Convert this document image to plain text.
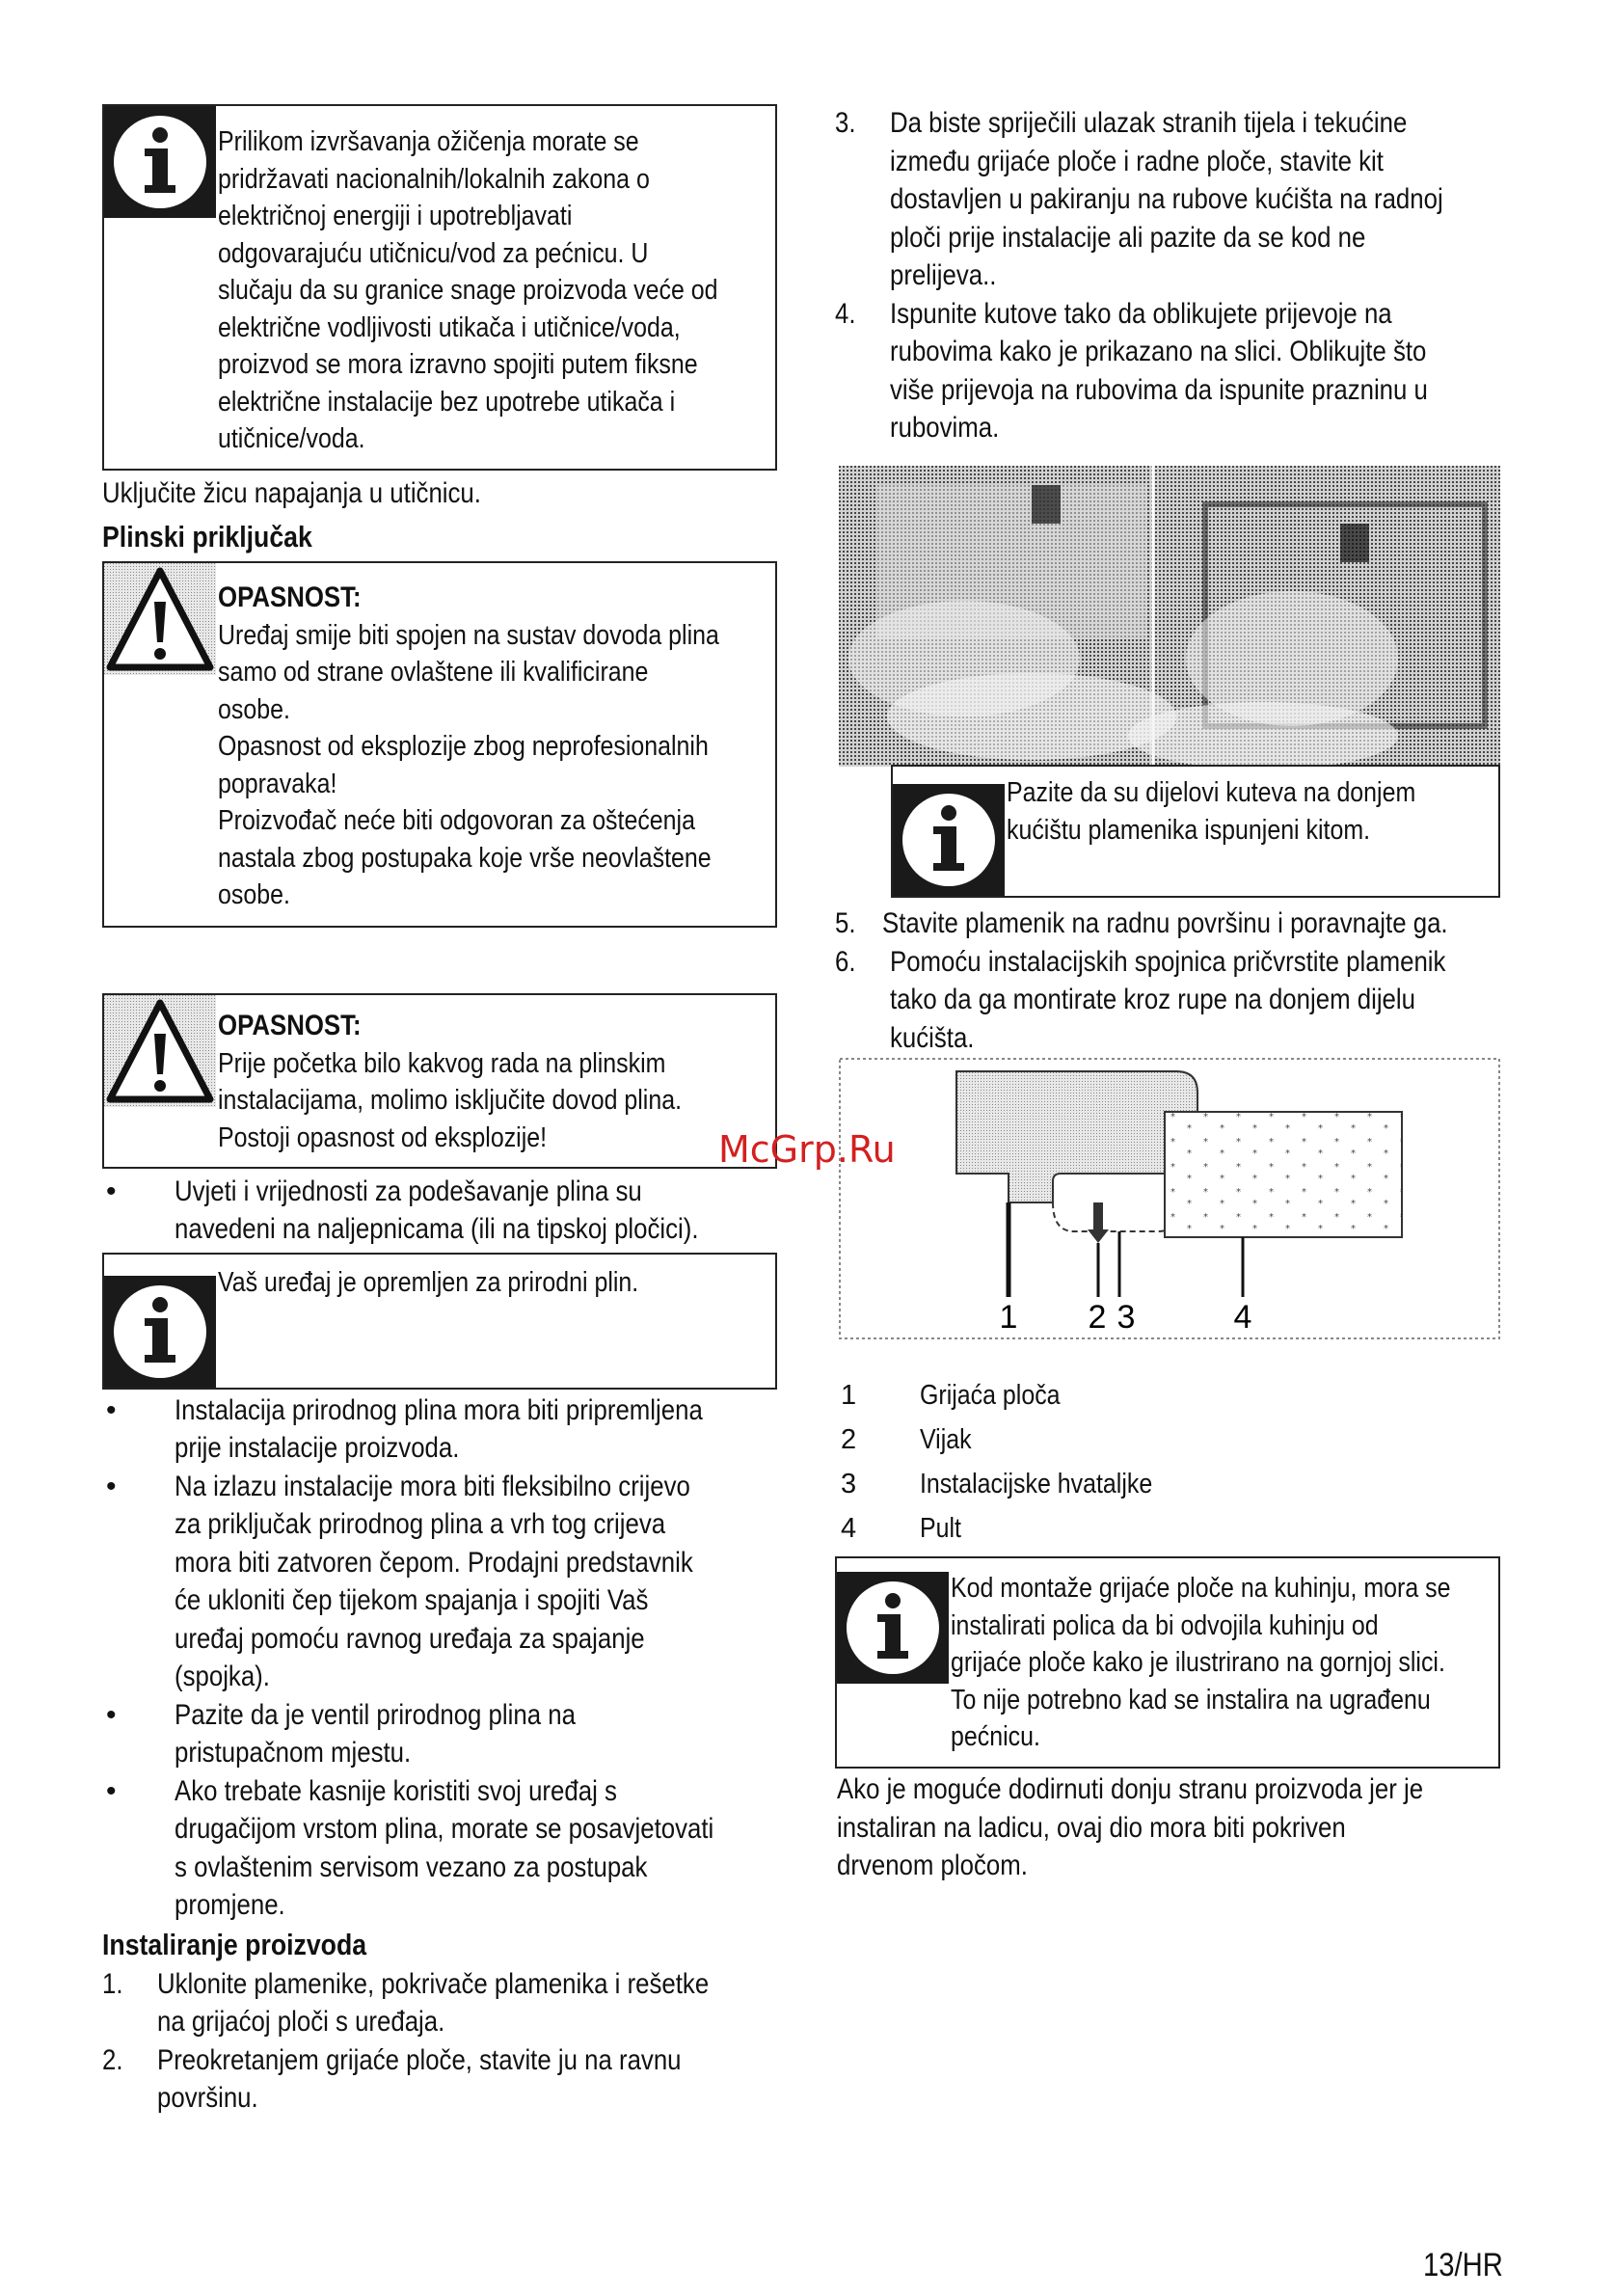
Prilikom izvršavanja ožičenja morate se

pridržavati nacionalnih/lokalnih zakona o

električnoj energiji i upotrebljavati

odgovarajuću utičnicu/vod za pećnicu. U

slučaju da su granice snage proizvoda veće od

električne vodljivosti utikača i utičnice/voda,

proizvod se mora izravno spojiti putem fiksne

električne instalacije bez upotrebe utikača i

utičnice/voda.

Uključite žicu napajanja u utičnicu.

Plinski priključak

OPASNOST:

Uređaj smije biti spojen na sustav dovoda plina

samo od strane ovlaštene ili kvalificirane

osobe.

Opasnost od eksplozije zbog neprofesionalnih

popravaka!

Proizvođač neće biti odgovoran za oštećenja

nastala zbog postupaka koje vrše neovlaštene

osobe.

OPASNOST:

Prije početka bilo kakvog rada na plinskim

instalacijama, molimo isključite dovod plina.

Postoji opasnost od eksplozije!

• Uvjeti i vrijednosti za podešavanje plina su

navedeni na naljepnicama (ili na tipskoj pločici).

Vaš uređaj je opremljen za prirodni plin.

• Instalacija prirodnog plina mora biti pripremljena

prije instalacije proizvoda.

• Na izlazu instalacije mora biti fleksibilno crijevo

za priključak prirodnog plina a vrh tog crijeva

mora biti zatvoren čepom. Prodajni predstavnik

će ukloniti čep tijekom spajanja i spojiti Vaš

uređaj pomoću ravnog uređaja za spajanje

(spojka).

• Pazite da je ventil prirodnog plina na

pristupačnom mjestu.

• Ako trebate kasnije koristiti svoj uređaj s

drugačijom vrstom plina, morate se posavjetovati

s ovlaštenim servisom vezano za postupak

promjene.

Instaliranje proizvoda

1. Uklonite plamenike, pokrivače plamenika i rešetke

na grijaćoj ploči s uređaja.

2. Preokretanjem grijaće ploče, stavite ju na ravnu

površinu.

3. Da biste spriječili ulazak stranih tijela i tekućine

između grijaće ploče i radne ploče, stavite kit

dostavljen u pakiranju na rubove kućišta na radnoj

ploči prije instalacije ali pazite da se kod ne

prelijeva..

4. Ispunite kutove tako da oblikujete prijevoje na

rubovima kako je prikazano na slici. Oblikujte što

više prijevoja na rubovima da ispunite prazninu u

rubovima.

Pazite da su dijelovi kuteva na donjem

kućištu plamenika ispunjeni kitom.

5. Stavite plamenik na radnu površinu i poravnajte ga.

6. Pomoću instalacijskih spojnica pričvrstite plamenik

tako da ga montirate kroz rupe na donjem dijelu

kućišta.

1 2 3	4
1 Grijaća ploča
2 Vijak
3 Instalacijske hvataljke
4 Pult

Kod montaže grijaće ploče na kuhinju, mora se

instalirati polica da bi odvojila kuhinju od

grijaće ploče kako je ilustrirano na gornjoj slici.

To nije potrebno kad se instalira na ugrađenu

pećnicu.

Ako je moguće dodirnuti donju stranu proizvoda jer je

instaliran na ladicu, ovaj dio mora biti pokriven

drvenom pločom.

McGrp.Ru
13/HR
